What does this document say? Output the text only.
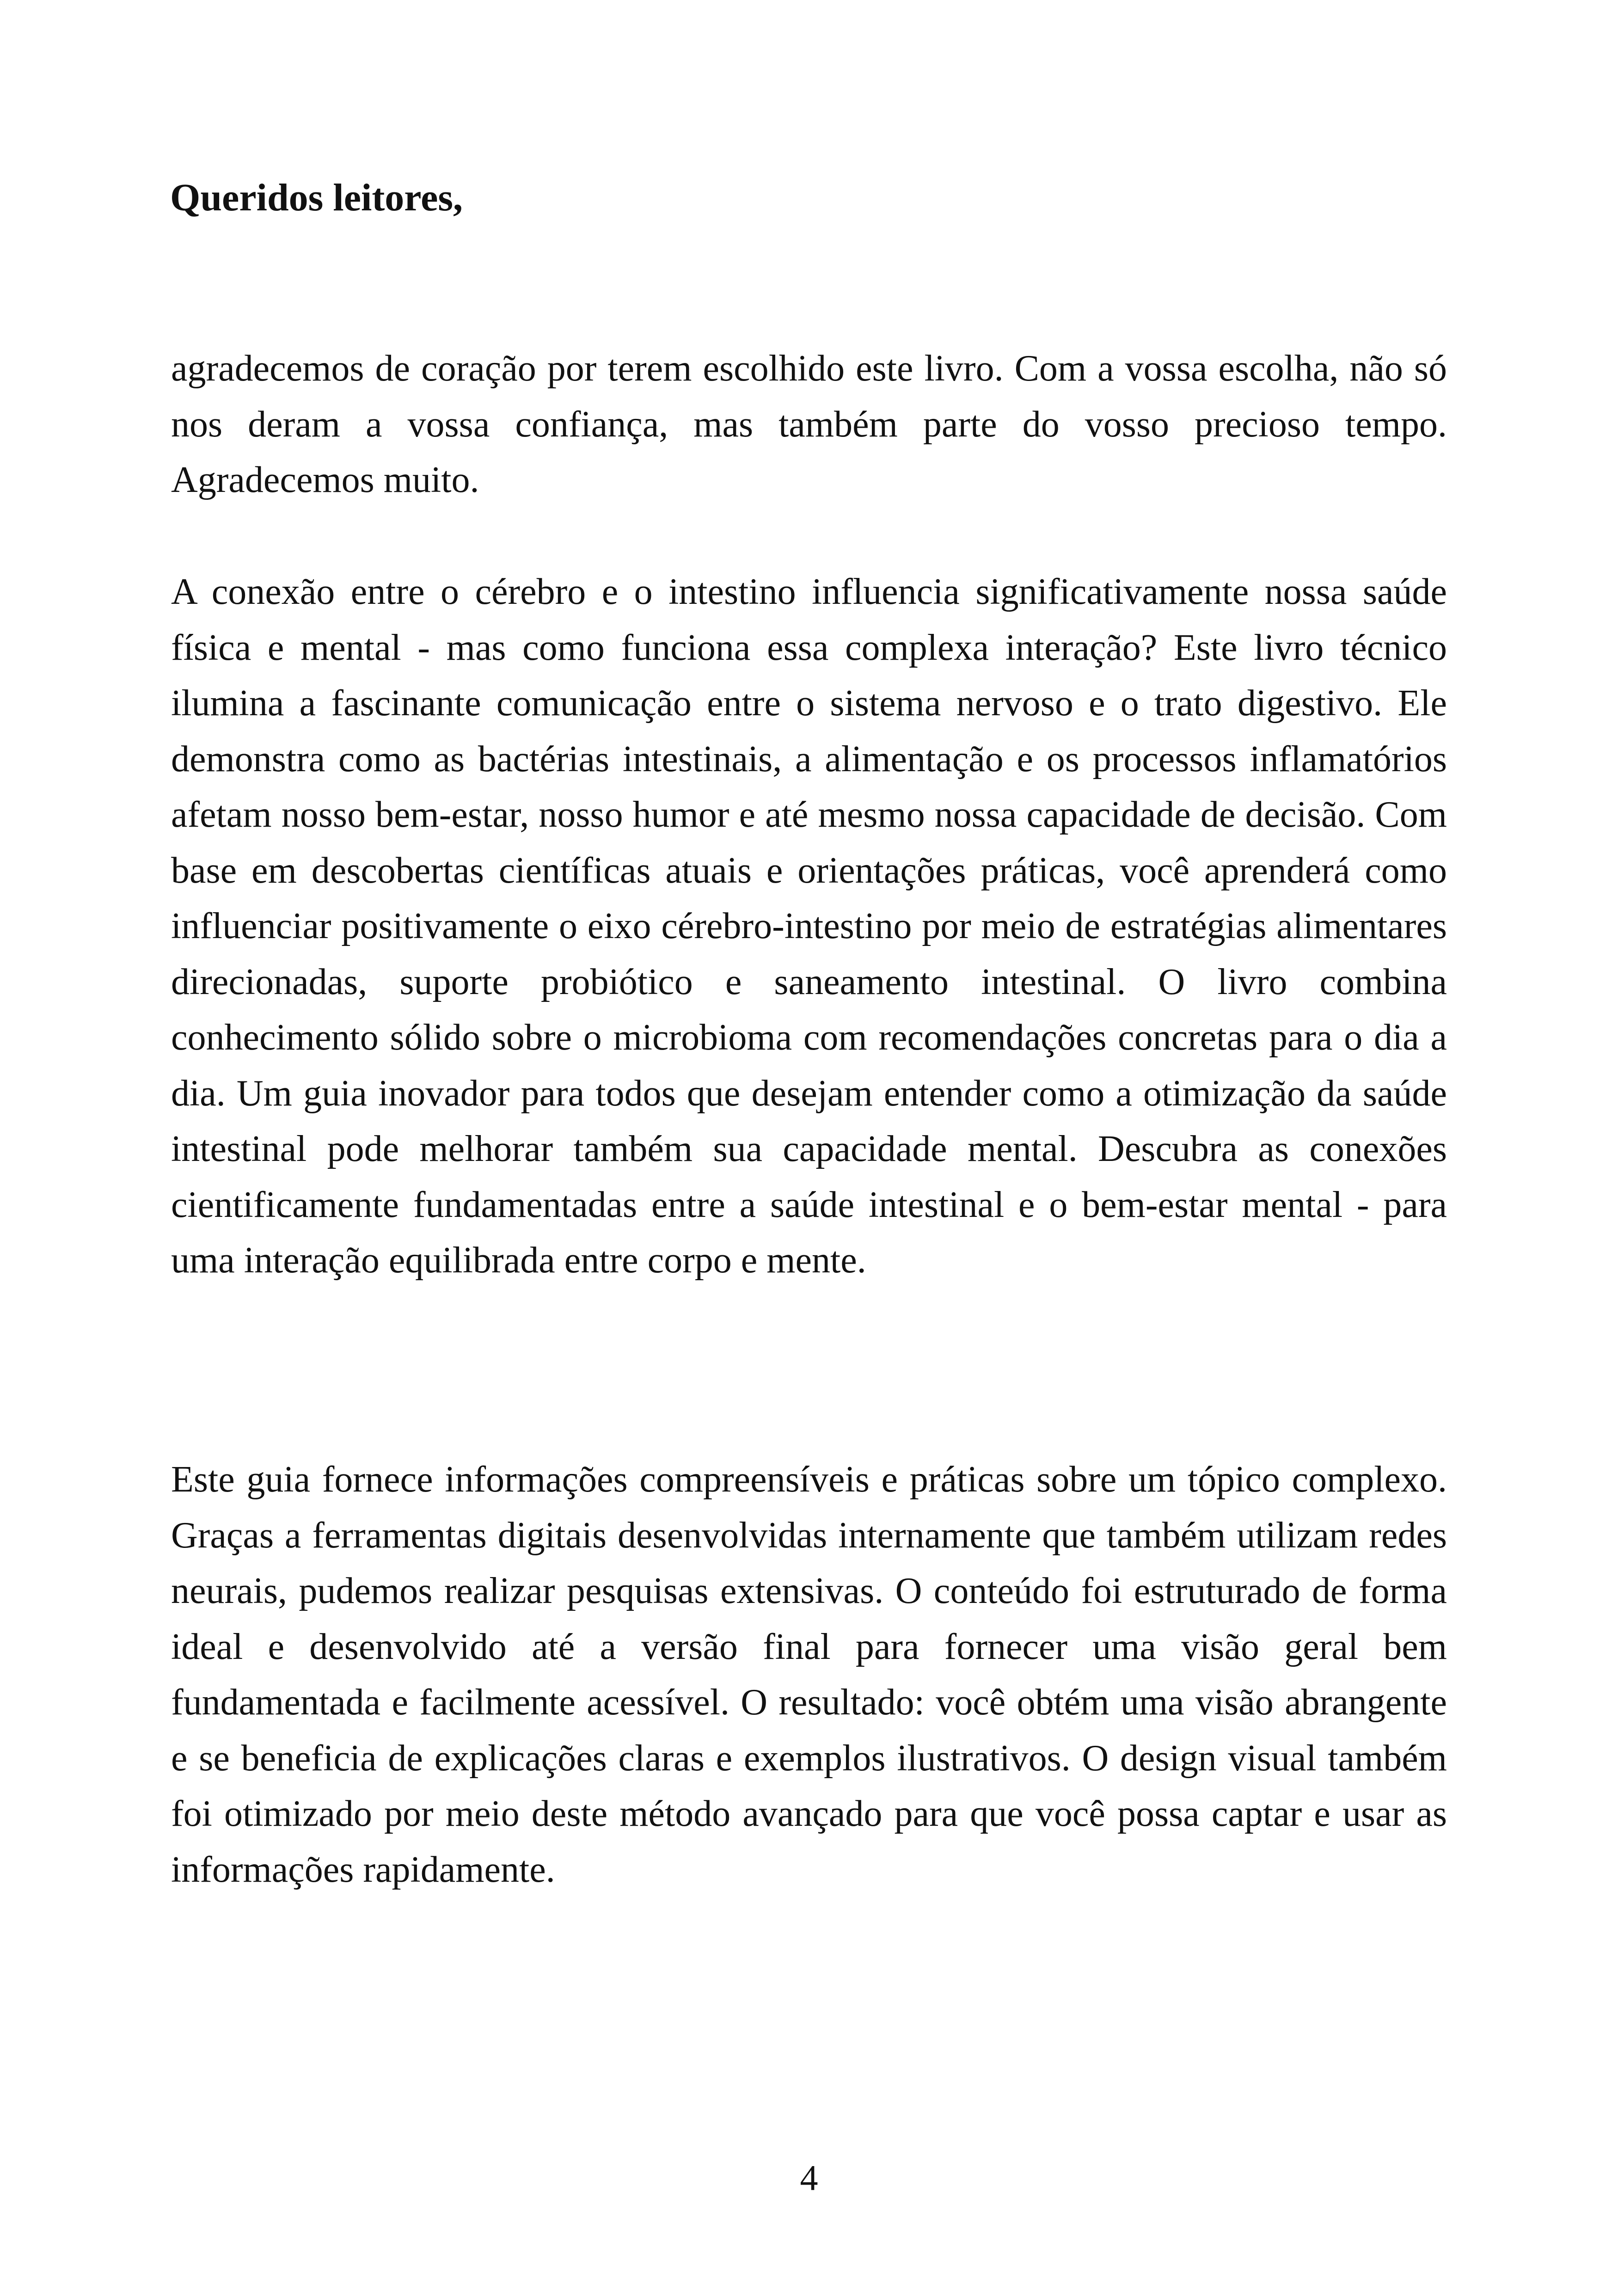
Queridos leitores,

agradecemos de coração por terem escolhido este livro. Com a vossa escolha, não só nos deram a vossa confiança, mas também parte do vosso precioso tempo. Agradecemos muito.

A conexão entre o cérebro e o intestino influencia significativamente nossa saúde física e mental - mas como funciona essa complexa interação? Este livro técnico ilumina a fascinante comunicação entre o sistema nervoso e o trato digestivo. Ele demonstra como as bactérias intestinais, a alimentação e os processos inflamatórios afetam nosso bem-estar, nosso humor e até mesmo nossa capacidade de decisão. Com base em descobertas científicas atuais e orientações práticas, você aprenderá como influenciar positivamente o eixo cérebro-intestino por meio de estratégias alimentares direcionadas, suporte probiótico e saneamento intestinal. O livro combina conhecimento sólido sobre o microbioma com recomendações concretas para o dia a dia. Um guia inovador para todos que desejam entender como a otimização da saúde intestinal pode melhorar também sua capacidade mental. Descubra as conexões cientificamente fundamentadas entre a saúde intestinal e o bem-estar mental - para uma interação equilibrada entre corpo e mente.

Este guia fornece informações compreensíveis e práticas sobre um tópico complexo. Graças a ferramentas digitais desenvolvidas internamente que também utilizam redes neurais, pudemos realizar pesquisas extensivas. O conteúdo foi estruturado de forma ideal e desenvolvido até a versão final para fornecer uma visão geral bem fundamentada e facilmente acessível. O resultado: você obtém uma visão abrangente e se beneficia de explicações claras e exemplos ilustrativos. O design visual também foi otimizado por meio deste método avançado para que você possa captar e usar as informações rapidamente.

4
